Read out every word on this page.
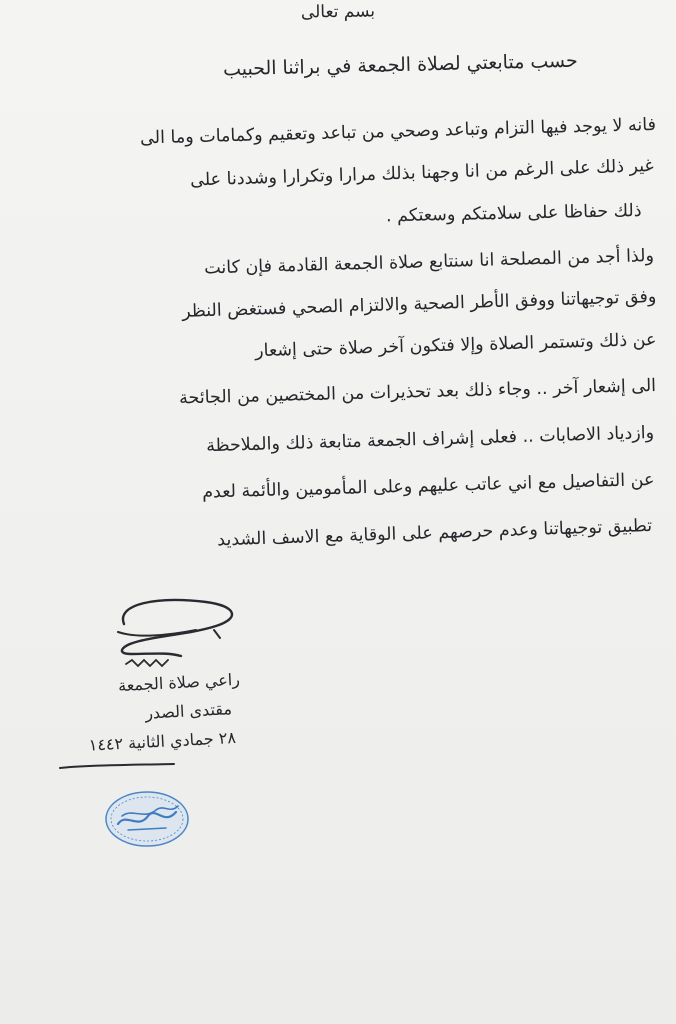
بسم تعالى
حسب متابعتي لصلاة الجمعة في براثنا الحبيب
فانه لا يوجد فيها التزام وتباعد وصحي من تباعد وتعقيم وكمامات وما الى
غير ذلك على الرغم من انا وجهنا بذلك مرارا وتكرارا وشددنا على
ذلك حفاظا على سلامتكم وسعتكم .
ولذا أجد من المصلحة انا سنتابع صلاة الجمعة القادمة فإن كانت
وفق توجيهاتنا ووفق الأطر الصحية والالتزام الصحي فستغض النظر
عن ذلك وتستمر الصلاة وإلا فتكون آخر صلاة حتى إشعار
الى إشعار آخر .. وجاء ذلك بعد تحذيرات من المختصين من الجائحة
وازدياد الاصابات .. فعلى إشراف الجمعة متابعة ذلك والملاحظة
عن التفاصيل مع اني عاتب عليهم وعلى المأمومين والأئمة لعدم
تطبيق توجيهاتنا وعدم حرصهم على الوقاية مع الاسف الشديد
راعي صلاة الجمعة
مقتدى الصدر
٢٨ جمادي الثانية ١٤٤٢
